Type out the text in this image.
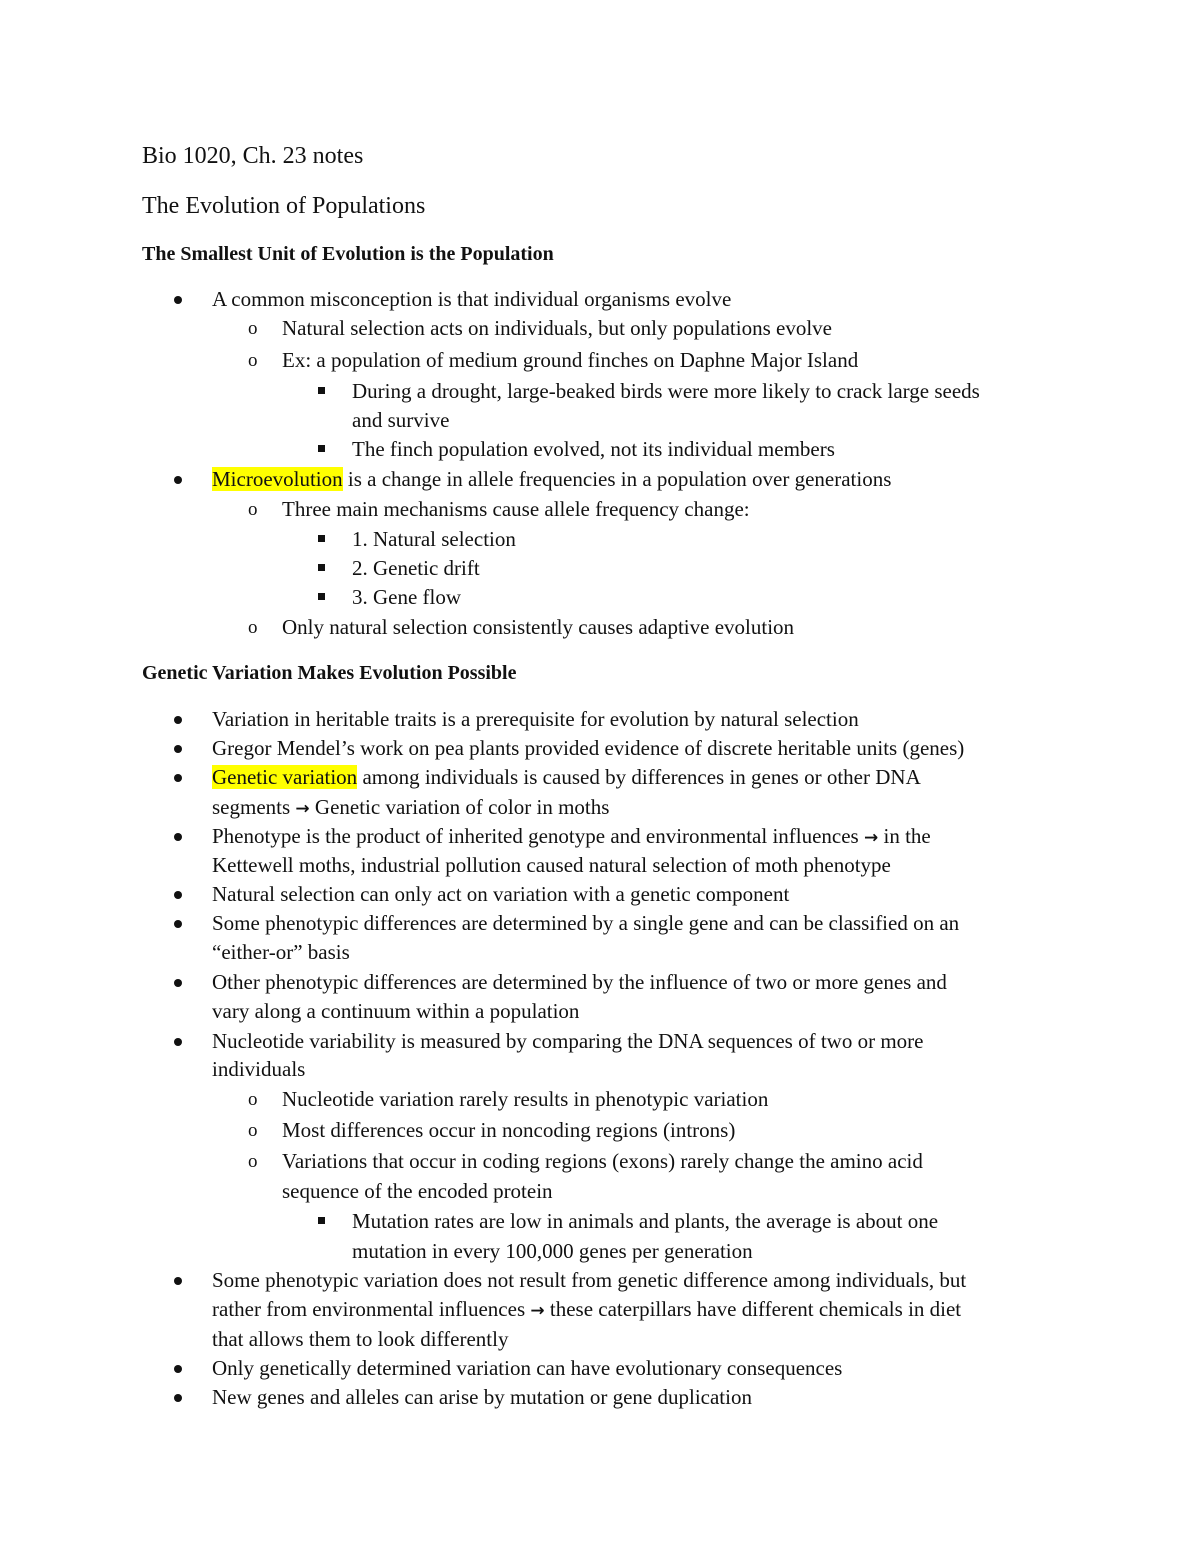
Bio 1020, Ch. 23 notes
The Evolution of Populations
The Smallest Unit of Evolution is the Population
A common misconception is that individual organisms evolve
o Natural selection acts on individuals, but only populations evolve
o Ex: a population of medium ground finches on Daphne Major Island
During a drought, large-beaked birds were more likely to crack large seeds
and survive
The finch population evolved, not its individual members
Microevolution is a change in allele frequencies in a population over generations
o Three main mechanisms cause allele frequency change:
1. Natural selection
2. Genetic drift
3. Gene flow
o Only natural selection consistently causes adaptive evolution
Genetic Variation Makes Evolution Possible
Variation in heritable traits is a prerequisite for evolution by natural selection
Gregor Mendel’s work on pea plants provided evidence of discrete heritable units (genes)
Genetic variation among individuals is caused by differences in genes or other DNA
segments → Genetic variation of color in moths
Phenotype is the product of inherited genotype and environmental influences → in the
Kettewell moths, industrial pollution caused natural selection of moth phenotype
Natural selection can only act on variation with a genetic component
Some phenotypic differences are determined by a single gene and can be classified on an
“either-or” basis
Other phenotypic differences are determined by the influence of two or more genes and
vary along a continuum within a population
Nucleotide variability is measured by comparing the DNA sequences of two or more
individuals
o Nucleotide variation rarely results in phenotypic variation
o Most differences occur in noncoding regions (introns)
o Variations that occur in coding regions (exons) rarely change the amino acid
sequence of the encoded protein
Mutation rates are low in animals and plants, the average is about one
mutation in every 100,000 genes per generation
Some phenotypic variation does not result from genetic difference among individuals, but
rather from environmental influences → these caterpillars have different chemicals in diet
that allows them to look differently
Only genetically determined variation can have evolutionary consequences
New genes and alleles can arise by mutation or gene duplication
